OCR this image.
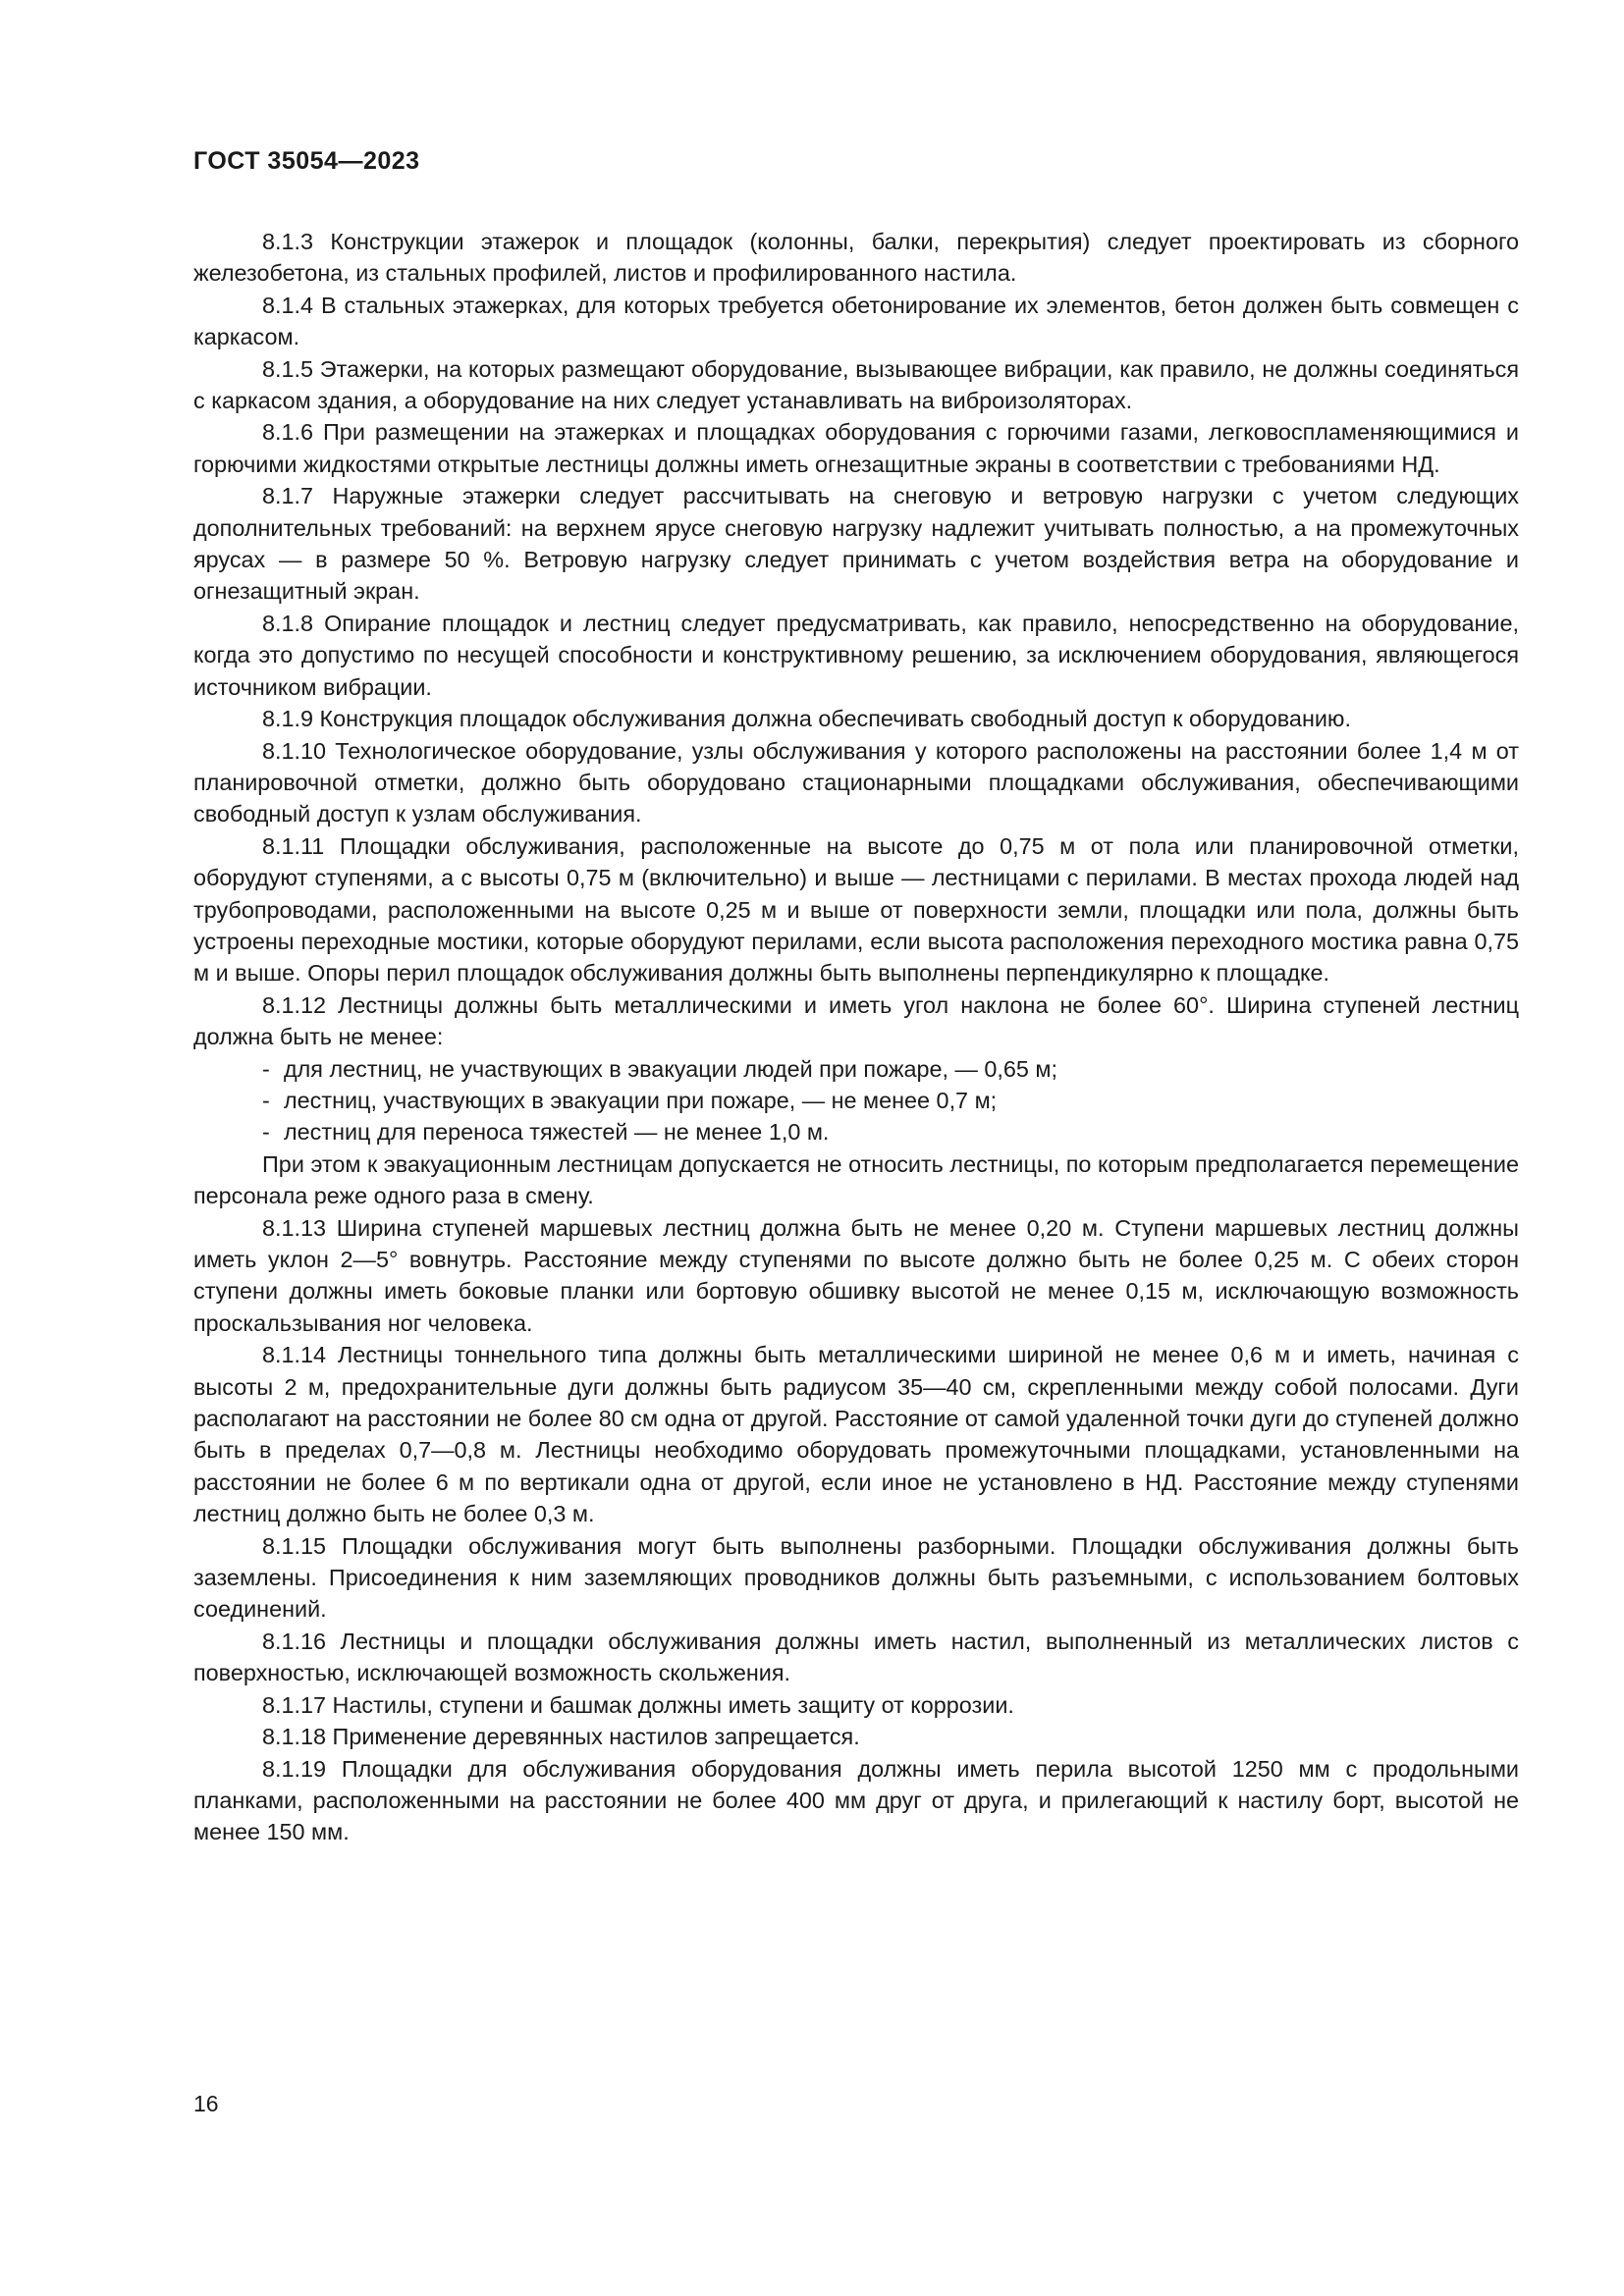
ГОСТ 35054—2023

8.1.3 Конструкции этажерок и площадок (колонны, балки, перекрытия) следует проектировать из сборного железобетона, из стальных профилей, листов и профилированного настила.

8.1.4 В стальных этажерках, для которых требуется обетонирование их элементов, бетон должен быть совмещен с каркасом.

8.1.5 Этажерки, на которых размещают оборудование, вызывающее вибрации, как правило, не должны соединяться с каркасом здания, а оборудование на них следует устанавливать на виброизоляторах.

8.1.6 При размещении на этажерках и площадках оборудования с горючими газами, легковоспламеняющимися и горючими жидкостями открытые лестницы должны иметь огнезащитные экраны в соответствии с требованиями НД.

8.1.7 Наружные этажерки следует рассчитывать на снеговую и ветровую нагрузки с учетом следующих дополнительных требований: на верхнем ярусе снеговую нагрузку надлежит учитывать полностью, а на промежуточных ярусах — в размере 50 %. Ветровую нагрузку следует принимать с учетом воздействия ветра на оборудование и огнезащитный экран.

8.1.8 Опирание площадок и лестниц следует предусматривать, как правило, непосредственно на оборудование, когда это допустимо по несущей способности и конструктивному решению, за исключением оборудования, являющегося источником вибрации.

8.1.9 Конструкция площадок обслуживания должна обеспечивать свободный доступ к оборудованию.

8.1.10 Технологическое оборудование, узлы обслуживания у которого расположены на расстоянии более 1,4 м от планировочной отметки, должно быть оборудовано стационарными площадками обслуживания, обеспечивающими свободный доступ к узлам обслуживания.

8.1.11 Площадки обслуживания, расположенные на высоте до 0,75 м от пола или планировочной отметки, оборудуют ступенями, а с высоты 0,75 м (включительно) и выше — лестницами с перилами. В местах прохода людей над трубопроводами, расположенными на высоте 0,25 м и выше от поверхности земли, площадки или пола, должны быть устроены переходные мостики, которые оборудуют перилами, если высота расположения переходного мостика равна 0,75 м и выше. Опоры перил площадок обслуживания должны быть выполнены перпендикулярно к площадке.

8.1.12 Лестницы должны быть металлическими и иметь угол наклона не более 60°. Ширина ступеней лестниц должна быть не менее:

- для лестниц, не участвующих в эвакуации людей при пожаре, — 0,65 м;
- лестниц, участвующих в эвакуации при пожаре, — не менее 0,7 м;
- лестниц для переноса тяжестей — не менее 1,0 м.

При этом к эвакуационным лестницам допускается не относить лестницы, по которым предполагается перемещение персонала реже одного раза в смену.

8.1.13 Ширина ступеней маршевых лестниц должна быть не менее 0,20 м. Ступени маршевых лестниц должны иметь уклон 2—5° вовнутрь. Расстояние между ступенями по высоте должно быть не более 0,25 м. С обеих сторон ступени должны иметь боковые планки или бортовую обшивку высотой не менее 0,15 м, исключающую возможность проскальзывания ног человека.

8.1.14 Лестницы тоннельного типа должны быть металлическими шириной не менее 0,6 м и иметь, начиная с высоты 2 м, предохранительные дуги должны быть радиусом 35—40 см, скрепленными между собой полосами. Дуги располагают на расстоянии не более 80 см одна от другой. Расстояние от самой удаленной точки дуги до ступеней должно быть в пределах 0,7—0,8 м. Лестницы необходимо оборудовать промежуточными площадками, установленными на расстоянии не более 6 м по вертикали одна от другой, если иное не установлено в НД. Расстояние между ступенями лестниц должно быть не более 0,3 м.

8.1.15 Площадки обслуживания могут быть выполнены разборными. Площадки обслуживания должны быть заземлены. Присоединения к ним заземляющих проводников должны быть разъемными, с использованием болтовых соединений.

8.1.16 Лестницы и площадки обслуживания должны иметь настил, выполненный из металлических листов с поверхностью, исключающей возможность скольжения.

8.1.17 Настилы, ступени и башмак должны иметь защиту от коррозии.

8.1.18 Применение деревянных настилов запрещается.

8.1.19 Площадки для обслуживания оборудования должны иметь перила высотой 1250 мм с продольными планками, расположенными на расстоянии не более 400 мм друг от друга, и прилегающий к настилу борт, высотой не менее 150 мм.

16
